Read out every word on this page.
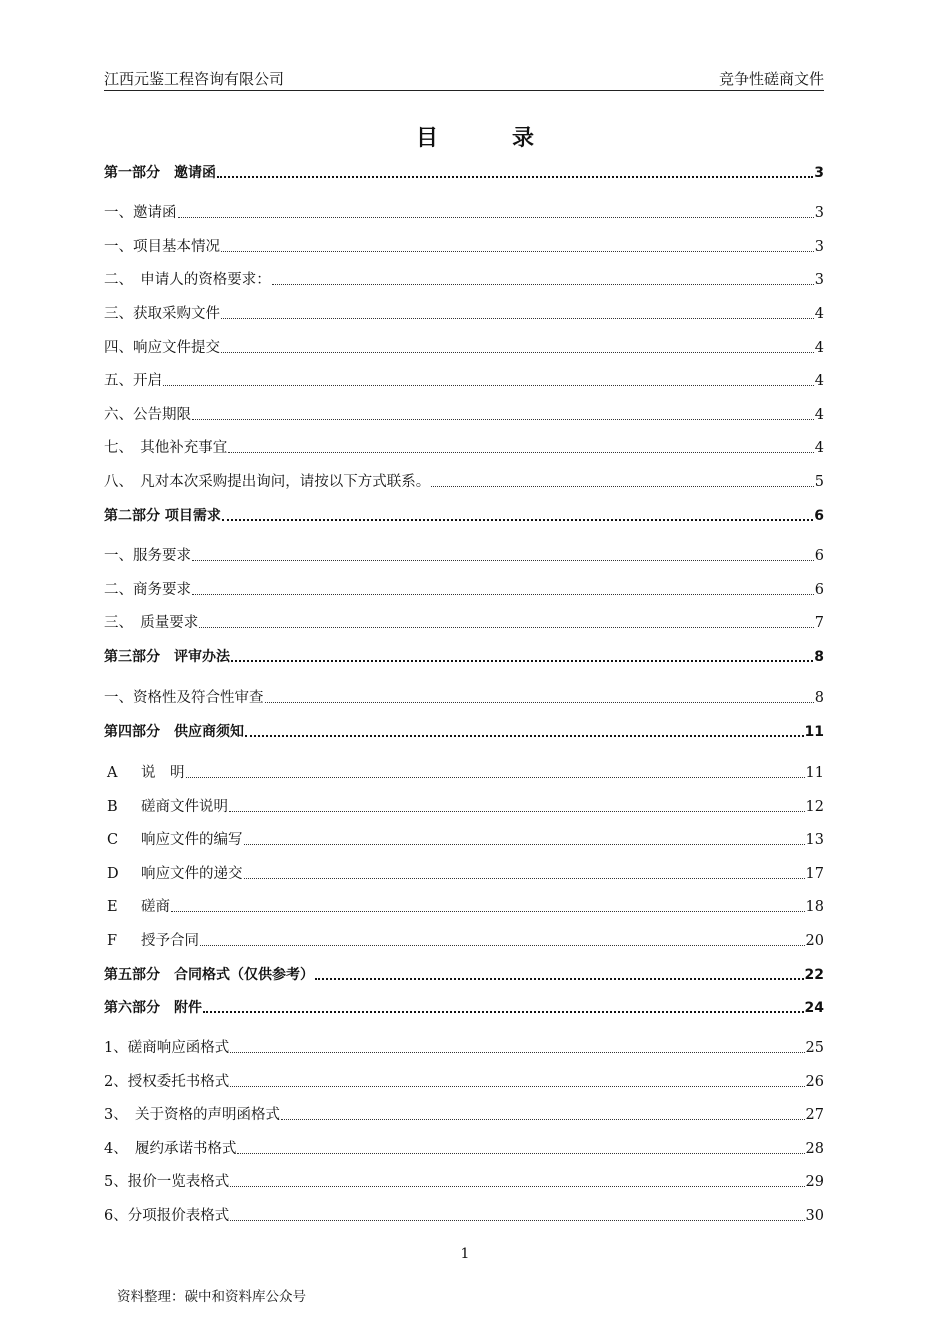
江西元鉴工程咨询有限公司	竞争性磋商文件
目	录
第一部分　邀请函	3
一、邀请函	3
一、项目基本情况	3
二、　申请人的资格要求：	3
三、获取采购文件	4
四、响应文件提交	4
五、开启	4
六、公告期限	4
七、　其他补充事宜	4
八、　凡对本次采购提出询问，请按以下方式联系。	5
第二部分 项目需求	6
一、服务要求	6
二、商务要求	6
三、　质量要求	7
第三部分　评审办法	8
一、资格性及符合性审查	8
第四部分　供应商须知	11
A 说　明	11
B 磋商文件说明	12
C 响应文件的编写	13
D 响应文件的递交	17
E 磋商	18
F 授予合同	20
第五部分　合同格式（仅供参考）	22
第六部分　附件	24
1、磋商响应函格式	25
2、授权委托书格式	26
3、　关于资格的声明函格式	27
4、　履约承诺书格式	28
5、报价一览表格式	29
6、分项报价表格式	30
1
资料整理：碳中和资料库公众号
